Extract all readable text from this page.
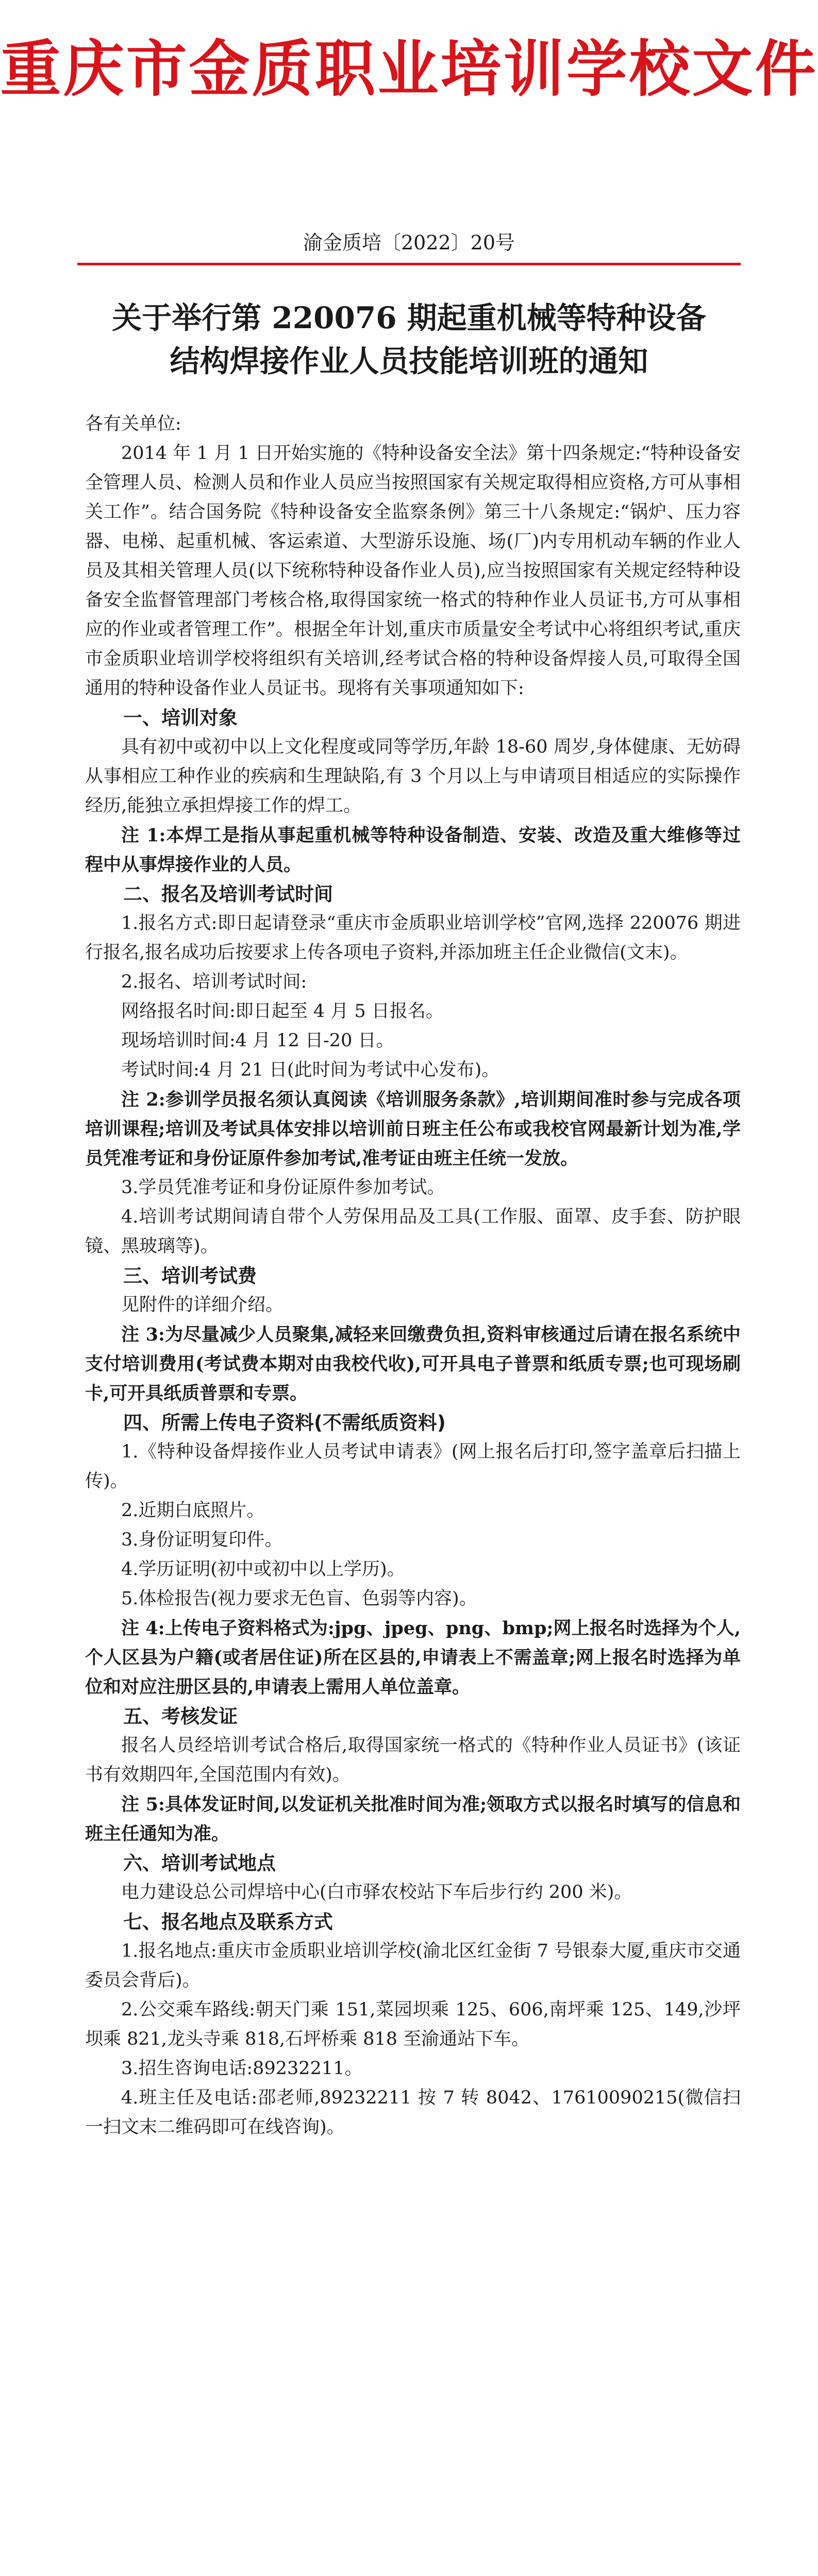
重庆市金质职业培训学校文件
渝金质培〔2022〕20号
关于举行第 220076 期起重机械等特种设备
结构焊接作业人员技能培训班的通知

各有关单位:

2014 年 1 月 1 日开始实施的《特种设备安全法》第十四条规定:“特种设备安全管理人员、检测人员和作业人员应当按照国家有关规定取得相应资格,方可从事相关工作”。结合国务院《特种设备安全监察条例》第三十八条规定:“锅炉、压力容器、电梯、起重机械、客运索道、大型游乐设施、场(厂)内专用机动车辆的作业人员及其相关管理人员(以下统称特种设备作业人员),应当按照国家有关规定经特种设备安全监督管理部门考核合格,取得国家统一格式的特种作业人员证书,方可从事相应的作业或者管理工作”。根据全年计划,重庆市质量安全考试中心将组织考试,重庆市金质职业培训学校将组织有关培训,经考试合格的特种设备焊接人员,可取得全国通用的特种设备作业人员证书。现将有关事项通知如下:

一、培训对象

具有初中或初中以上文化程度或同等学历,年龄 18-60 周岁,身体健康、无妨碍从事相应工种作业的疾病和生理缺陷,有 3 个月以上与申请项目相适应的实际操作经历,能独立承担焊接工作的焊工。

注 1:本焊工是指从事起重机械等特种设备制造、安装、改造及重大维修等过程中从事焊接作业的人员。

二、报名及培训考试时间

1.报名方式:即日起请登录“重庆市金质职业培训学校”官网,选择 220076 期进行报名,报名成功后按要求上传各项电子资料,并添加班主任企业微信(文末)。

2.报名、培训考试时间:

网络报名时间:即日起至 4 月 5 日报名。

现场培训时间:4 月 12 日-20 日。

考试时间:4 月 21 日(此时间为考试中心发布)。

注 2:参训学员报名须认真阅读《培训服务条款》,培训期间准时参与完成各项培训课程;培训及考试具体安排以培训前日班主任公布或我校官网最新计划为准,学员凭准考证和身份证原件参加考试,准考证由班主任统一发放。

3.学员凭准考证和身份证原件参加考试。

4.培训考试期间请自带个人劳保用品及工具(工作服、面罩、皮手套、防护眼镜、黑玻璃等)。

三、培训考试费

见附件的详细介绍。

注 3:为尽量减少人员聚集,减轻来回缴费负担,资料审核通过后请在报名系统中支付培训费用(考试费本期对由我校代收),可开具电子普票和纸质专票;也可现场刷卡,可开具纸质普票和专票。

四、所需上传电子资料(不需纸质资料)

1.《特种设备焊接作业人员考试申请表》(网上报名后打印,签字盖章后扫描上传)。

2.近期白底照片。

3.身份证明复印件。

4.学历证明(初中或初中以上学历)。

5.体检报告(视力要求无色盲、色弱等内容)。

注 4:上传电子资料格式为:jpg、jpeg、png、bmp;网上报名时选择为个人,个人区县为户籍(或者居住证)所在区县的,申请表上不需盖章;网上报名时选择为单位和对应注册区县的,申请表上需用人单位盖章。

五、考核发证

报名人员经培训考试合格后,取得国家统一格式的《特种作业人员证书》(该证书有效期四年,全国范围内有效)。

注 5:具体发证时间,以发证机关批准时间为准;领取方式以报名时填写的信息和班主任通知为准。

六、培训考试地点

电力建设总公司焊培中心(白市驿农校站下车后步行约 200 米)。

七、报名地点及联系方式

1.报名地点:重庆市金质职业培训学校(渝北区红金街 7 号银泰大厦,重庆市交通委员会背后)。

2.公交乘车路线:朝天门乘 151,菜园坝乘 125、606,南坪乘 125、149,沙坪坝乘 821,龙头寺乘 818,石坪桥乘 818 至渝通站下车。

3.招生咨询电话:89232211。

4.班主任及电话:邵老师,89232211 按 7 转 8042、17610090215(微信扫一扫文末二维码即可在线咨询)。
